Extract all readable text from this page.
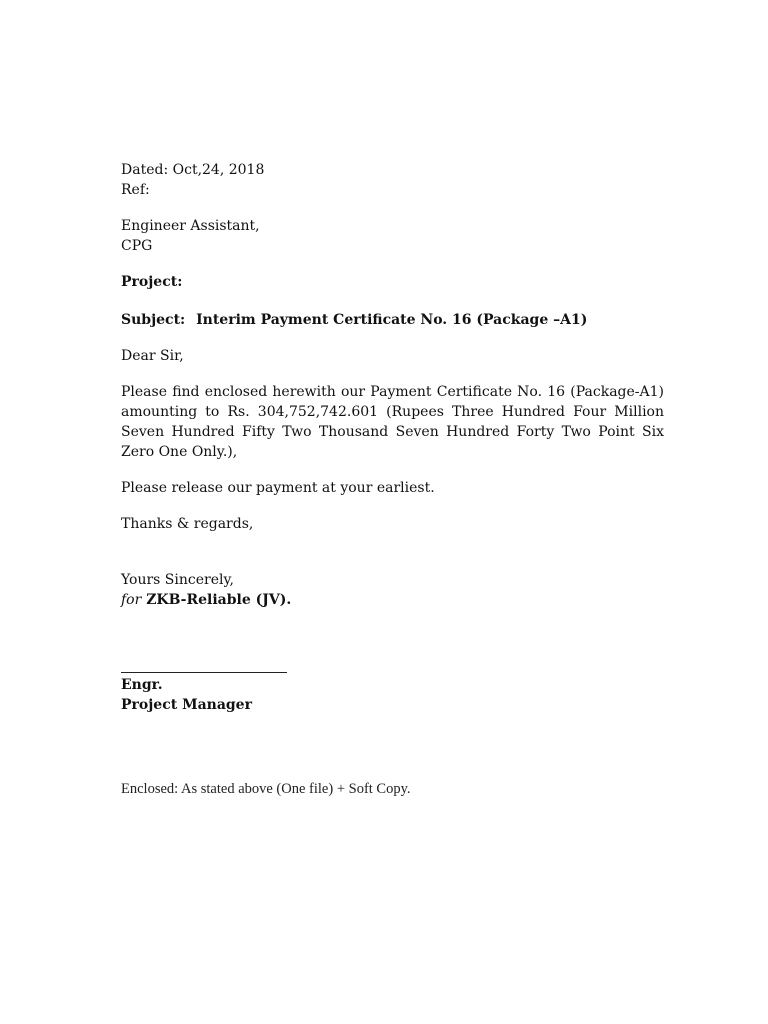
Dated: Oct,24, 2018
Ref:
Engineer Assistant,
CPG
Project:
Subject: Interim Payment Certificate No. 16 (Package –A1)
Dear Sir,
Please find enclosed herewith our Payment Certificate No. 16 (Package-A1) amounting to Rs. 304,752,742.601 (Rupees Three Hundred Four Million Seven Hundred Fifty Two Thousand Seven Hundred Forty Two Point Six Zero One Only.),
Please release our payment at your earliest.
Thanks & regards,
Yours Sincerely,
for ZKB-Reliable (JV).
Engr.
Project Manager
Enclosed: As stated above (One file) + Soft Copy.
